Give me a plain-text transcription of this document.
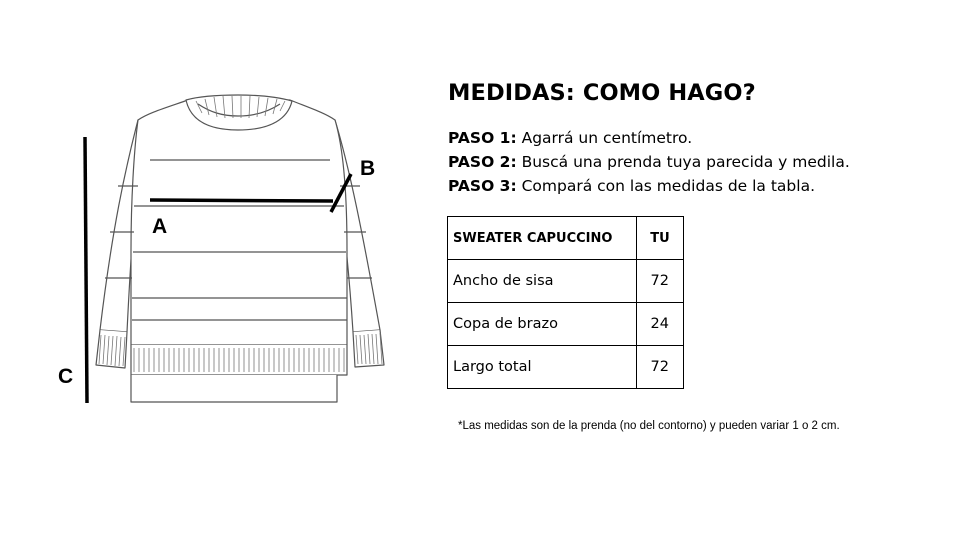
A
B
C
MEDIDAS: COMO HAGO?
PASO 1: Agarrá un centímetro.
PASO 2: Buscá una prenda tuya parecida y medila.
PASO 3: Compará con las medidas de la tabla.
SWEATER CAPUCCINO	TU
Ancho de sisa	72
Copa de brazo	24
Largo total	72
*Las medidas son de la prenda (no del contorno) y pueden variar 1 o 2 cm.
